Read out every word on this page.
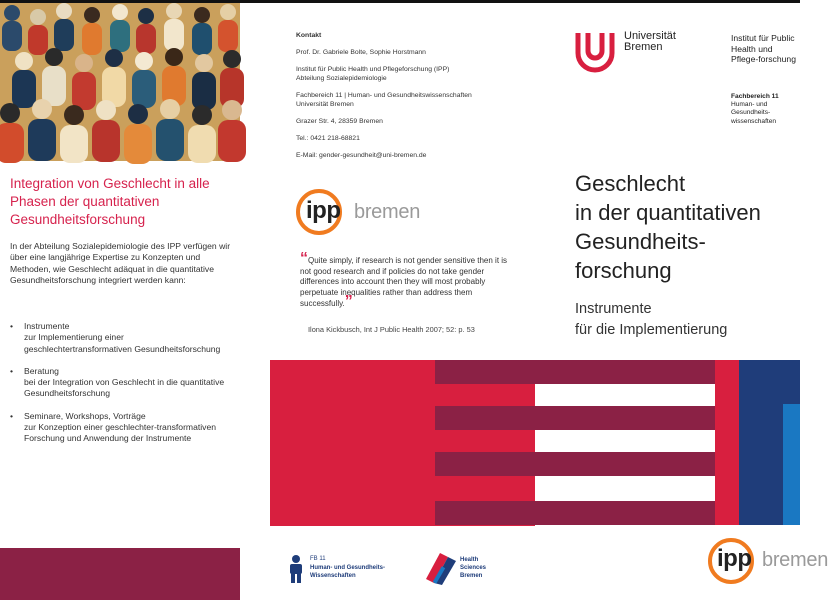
Integration von Geschlecht in alle Phasen der quantitativen Gesundheitsforschung
In der Abteilung Sozialepidemiologie des IPP verfügen wir über eine langjährige Expertise zu Konzepten und Methoden, wie Geschlecht adäquat in die quantitative Gesundheitsforschung integriert werden kann:
• Instrumente
zur Implementierung einer geschlechtertransformativen Gesundheitsforschung
• Beratung
bei der Integration von Geschlecht in die quantitative Gesundheitsforschung
• Seminare, Workshops, Vorträge
zur Konzeption einer geschlechter-transformativen Forschung und Anwendung der Instrumente
Kontakt
Prof. Dr. Gabriele Bolte, Sophie Horstmann
Institut für Public Health und Pflegeforschung (IPP)
Abteilung Sozialepidemiologie
Fachbereich 11 | Human- und Gesundheitswissenschaften
Universität Bremen
Grazer Str. 4, 28359 Bremen
Tel.: 0421 218-68821
E-Mail: gender-gesundheit@uni-bremen.de
ipp bremen
“Quite simply, if research is not gender sensitive then it is not good research and if policies do not take gender differences into account then they will most probably perpetuate inequalities rather than address them successfully.”
Ilona Kickbusch, Int J Public Health 2007; 52: p. 53
FB 11
Human- und Gesundheits-
Wissenschaften
Health
Sciences
Bremen
Universität
Bremen
Institut für Public Health und Pflege-forschung
Fachbereich 11
Human- und Gesundheits-wissenschaften
Geschlecht
in der quantitativen
Gesundheits-
forschung
Instrumente
für die Implementierung
ipp bremen
